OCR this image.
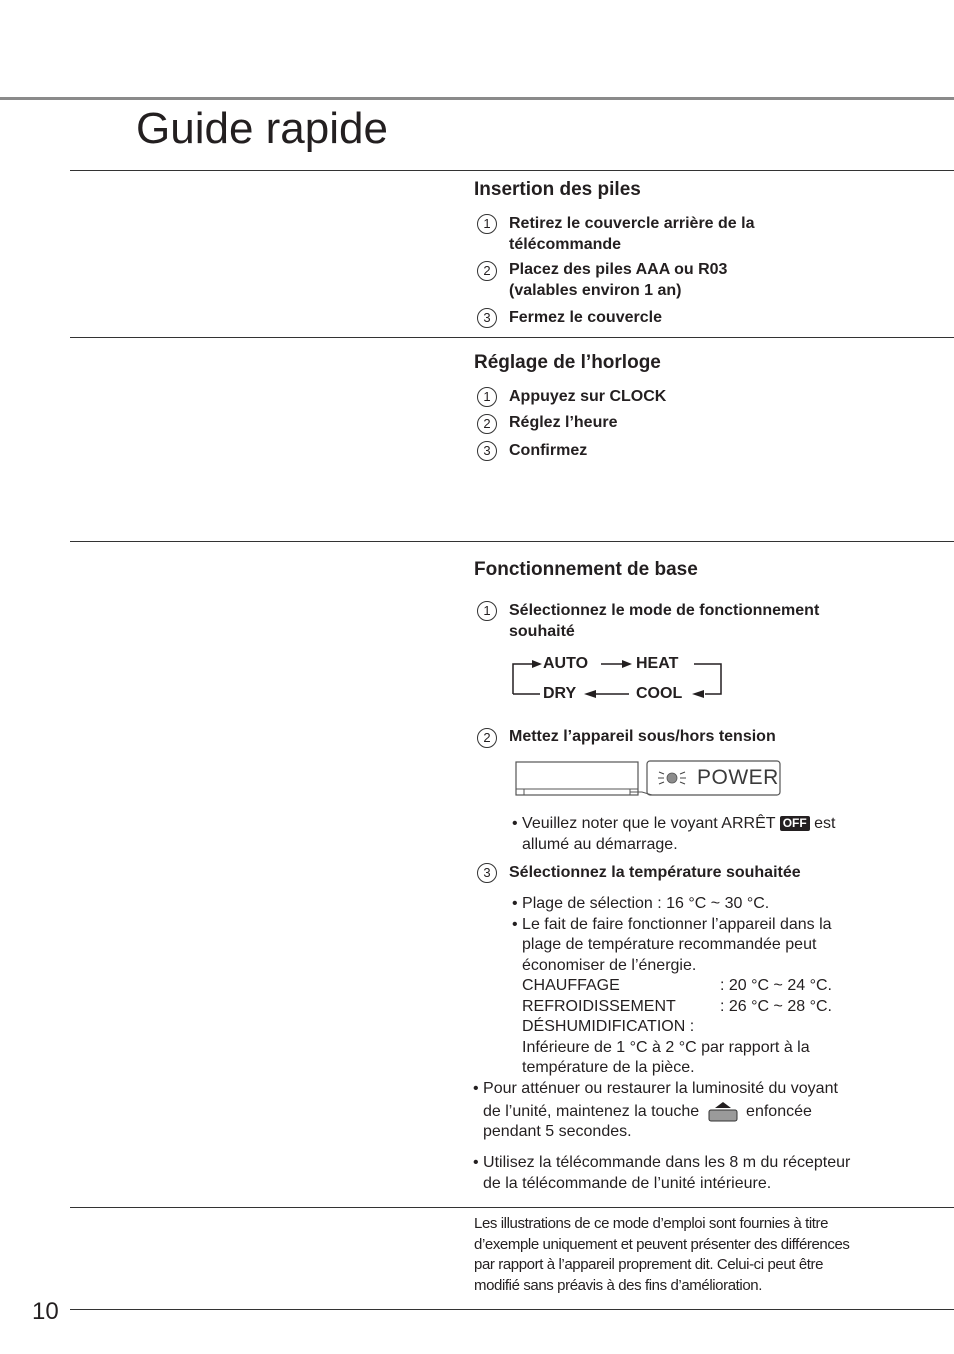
Guide rapide
Insertion des piles
1	Retirez le couvercle arrière de la
télécommande
2	Placez des piles AAA ou R03
(valables environ 1 an)
3	Fermez le couvercle
Réglage de l’horloge
1	Appuyez sur CLOCK
2	Réglez l’heure
3	Confirmez
Fonctionnement de base
1	Sélectionnez le mode de fonctionnement
souhaité
AUTO	HEAT
DRY	COOL
2	Mettez l’appareil sous/hors tension
POWER
• Veuillez noter que le voyant ARRÊT OFF est
allumé au démarrage.
3	Sélectionnez la température souhaitée
• Plage de sélection : 16 °C ~ 30 °C.
• Le fait de faire fonctionner l’appareil dans la
plage de température recommandée peut
économiser de l’énergie.
CHAUFFAGE	: 20 °C ~ 24 °C.
REFROIDISSEMENT	: 26 °C ~ 28 °C.
DÉSHUMIDIFICATION :
Inférieure de 1 °C à 2 °C par rapport à la
température de la pièce.
• Pour atténuer ou restaurer la luminosité du voyant
de l’unité, maintenez la touche	enfoncée
pendant 5 secondes.
• Utilisez la télécommande dans les 8 m du récepteur
de la télécommande de l’unité intérieure.
Les illustrations de ce mode d’emploi sont fournies à titre
d’exemple uniquement et peuvent présenter des différences
par rapport à l’appareil proprement dit. Celui-ci peut être
modifié sans préavis à des fins d’amélioration.
10
